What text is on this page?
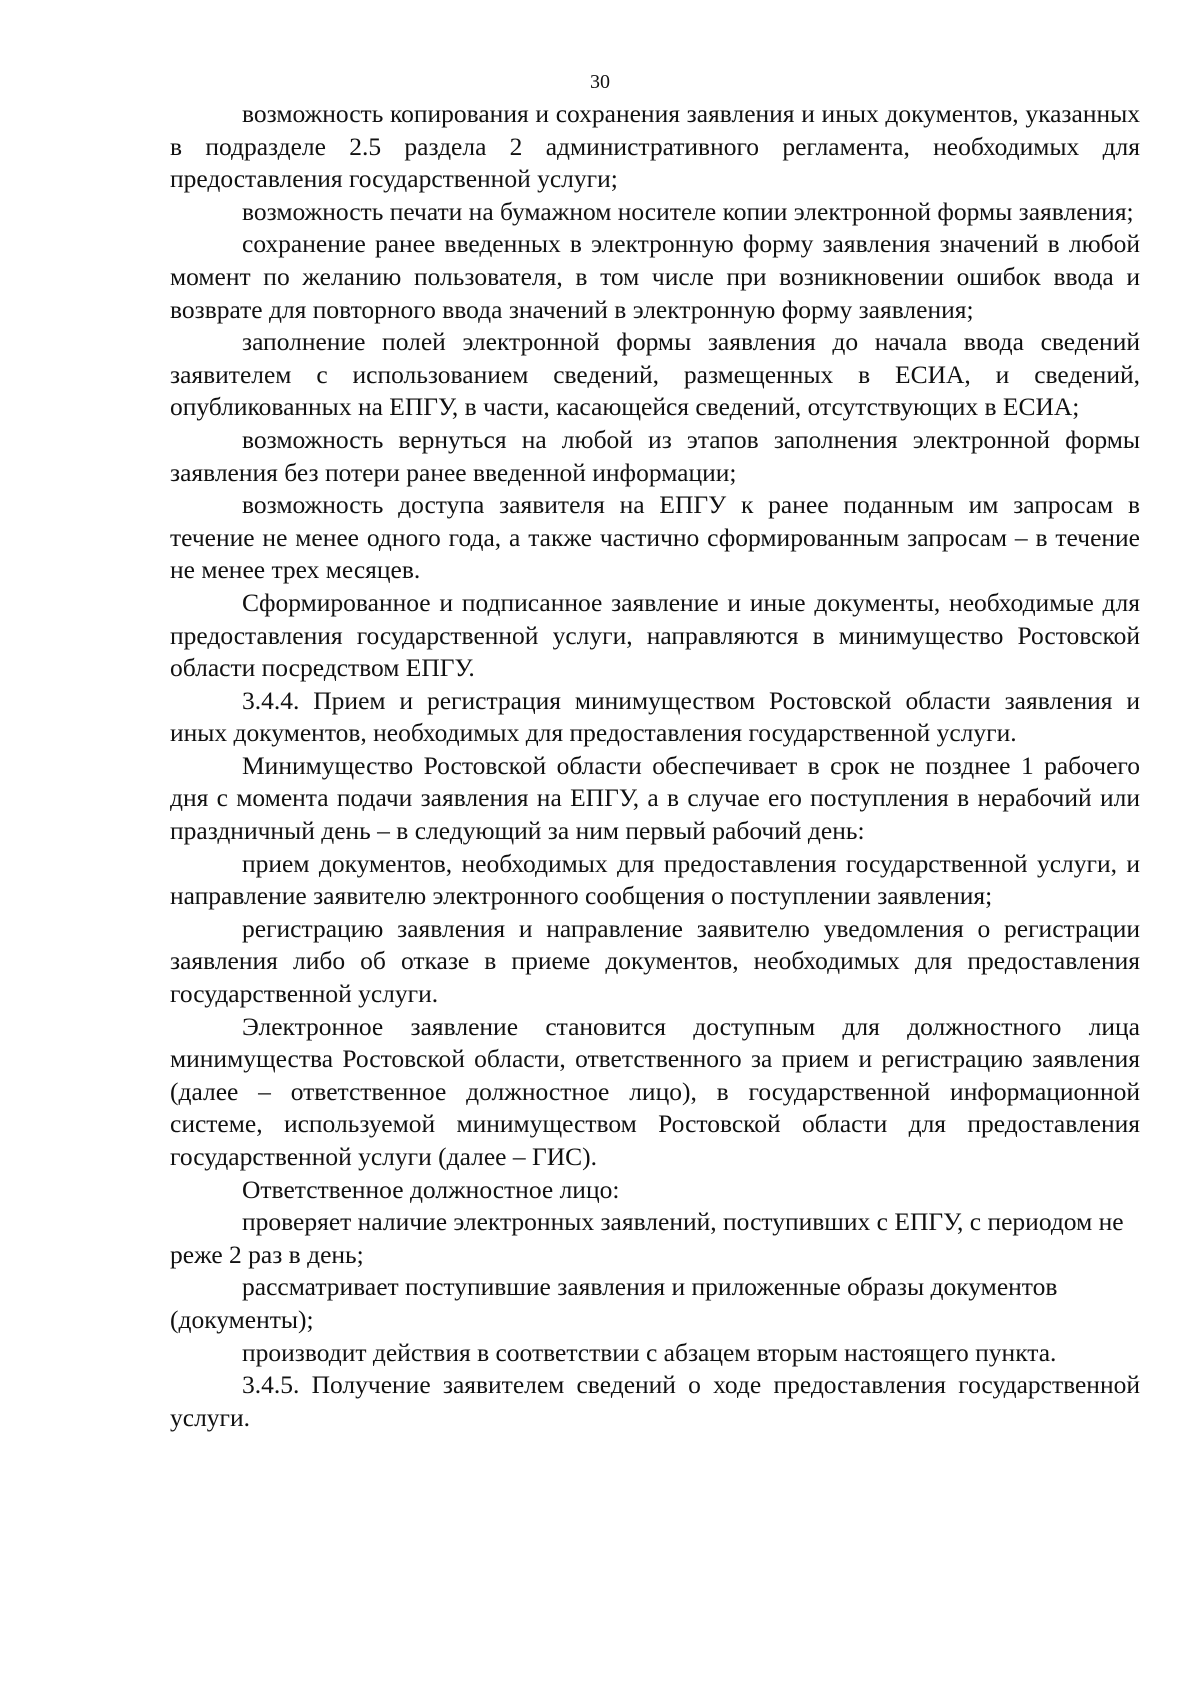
30

возможность копирования и сохранения заявления и иных документов, указанных в подразделе 2.5 раздела 2 административного регламента, необходимых для предоставления государственной услуги;

возможность печати на бумажном носителе копии электронной формы заявления;

сохранение ранее введенных в электронную форму заявления значений в любой момент по желанию пользователя, в том числе при возникновении ошибок ввода и возврате для повторного ввода значений в электронную форму заявления;

заполнение полей электронной формы заявления до начала ввода сведений заявителем с использованием сведений, размещенных в ЕСИА, и сведений, опубликованных на ЕПГУ, в части, касающейся сведений, отсутствующих в ЕСИА;

возможность вернуться на любой из этапов заполнения электронной формы заявления без потери ранее введенной информации;

возможность доступа заявителя на ЕПГУ к ранее поданным им запросам в течение не менее одного года, а также частично сформированным запросам – в течение не менее трех месяцев.

Сформированное и подписанное заявление и иные документы, необходимые для предоставления государственной услуги, направляются в минимущество Ростовской области посредством ЕПГУ.

3.4.4. Прием и регистрация минимуществом Ростовской области заявления и иных документов, необходимых для предоставления государственной услуги.

Минимущество Ростовской области обеспечивает в срок не позднее 1 рабочего дня с момента подачи заявления на ЕПГУ, а в случае его поступления в нерабочий или праздничный день – в следующий за ним первый рабочий день:

прием документов, необходимых для предоставления государственной услуги, и направление заявителю электронного сообщения о поступлении заявления;

регистрацию заявления и направление заявителю уведомления о регистрации заявления либо об отказе в приеме документов, необходимых для предоставления государственной услуги.

Электронное заявление становится доступным для должностного лица минимущества Ростовской области, ответственного за прием и регистрацию заявления (далее – ответственное должностное лицо), в государственной информационной системе, используемой минимуществом Ростовской области для предоставления государственной услуги (далее – ГИС).

Ответственное должностное лицо:

проверяет наличие электронных заявлений, поступивших с ЕПГУ, с периодом не реже 2 раз в день;

рассматривает поступившие заявления и приложенные образы документов (документы);

производит действия в соответствии с абзацем вторым настоящего пункта.

3.4.5. Получение заявителем сведений о ходе предоставления государственной услуги.
